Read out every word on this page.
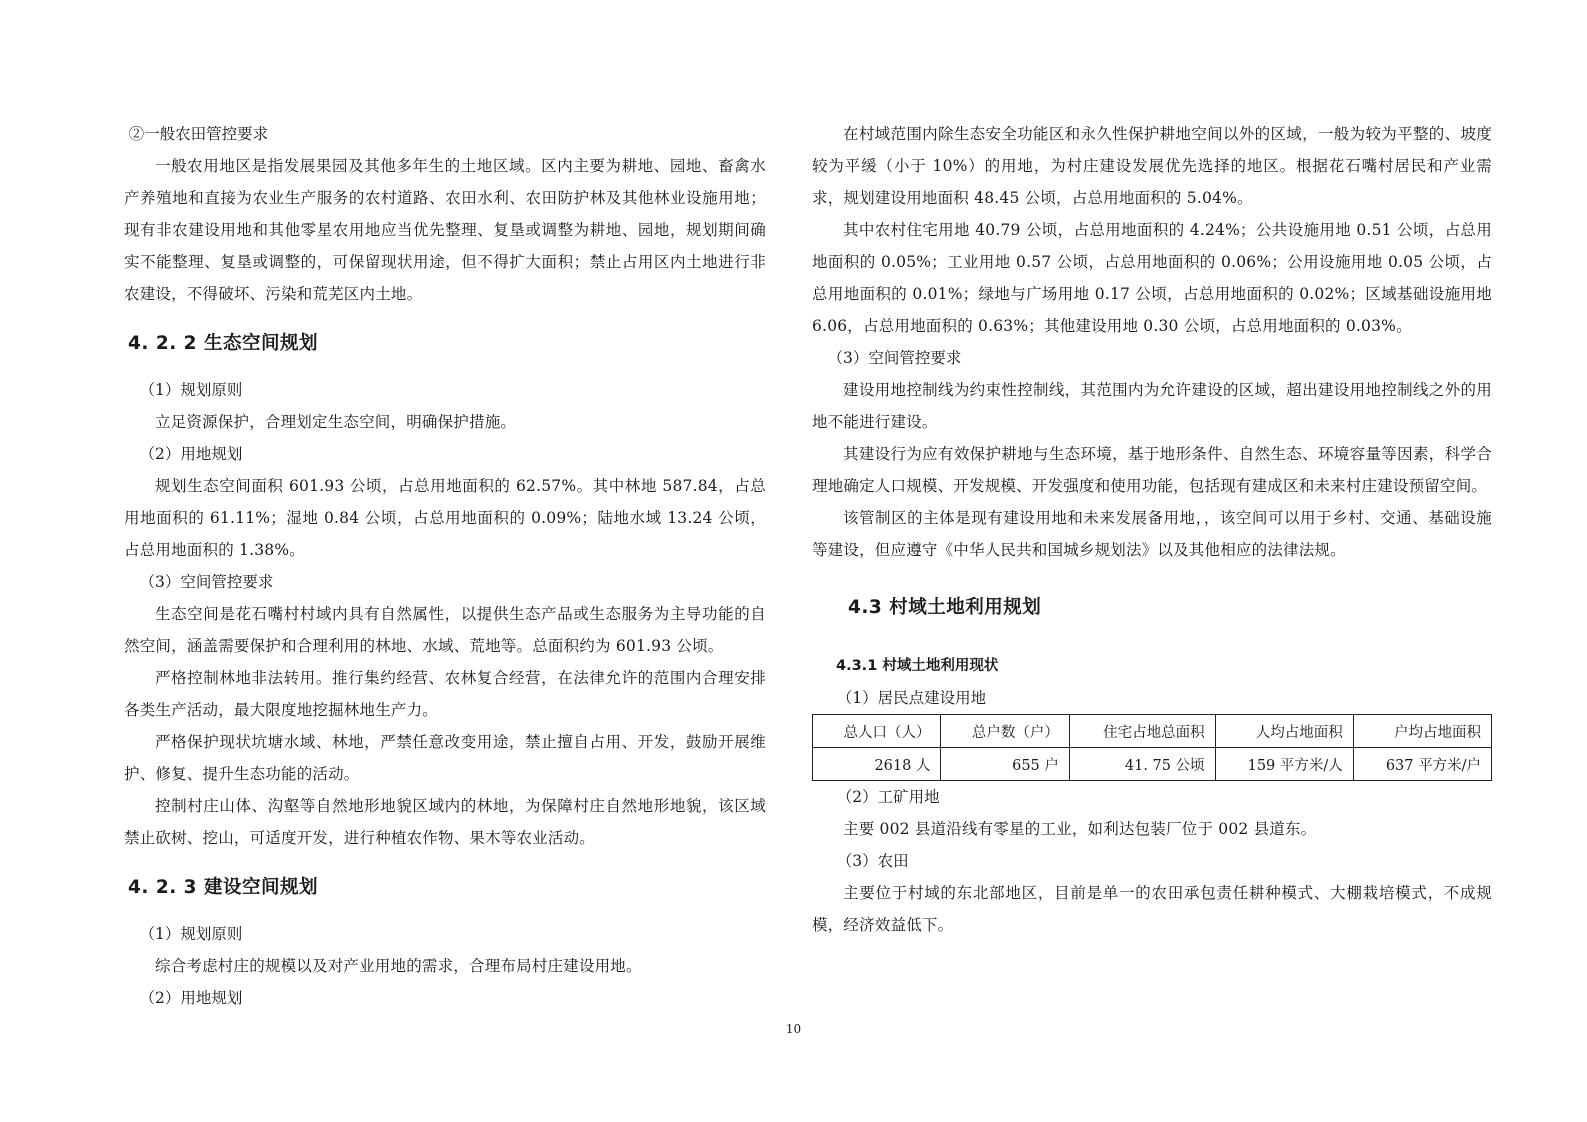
②一般农田管控要求

一般农用地区是指发展果园及其他多年生的土地区域。区内主要为耕地、园地、畜禽水产养殖地和直接为农业生产服务的农村道路、农田水利、农田防护林及其他林业设施用地；现有非农建设用地和其他零星农用地应当优先整理、复垦或调整为耕地、园地，规划期间确实不能整理、复垦或调整的，可保留现状用途，但不得扩大面积；禁止占用区内土地进行非农建设，不得破坏、污染和荒芜区内土地。

4. 2. 2 生态空间规划

（1）规划原则

立足资源保护，合理划定生态空间，明确保护措施。

（2）用地规划

规划生态空间面积 601.93 公顷，占总用地面积的 62.57%。其中林地 587.84，占总用地面积的 61.11%；湿地 0.84 公顷，占总用地面积的 0.09%；陆地水域 13.24 公顷，占总用地面积的 1.38%。

（3）空间管控要求

生态空间是花石嘴村村域内具有自然属性，以提供生态产品或生态服务为主导功能的自然空间，涵盖需要保护和合理利用的林地、水域、荒地等。总面积约为 601.93 公顷。

严格控制林地非法转用。推行集约经营、农林复合经营，在法律允许的范围内合理安排各类生产活动，最大限度地挖掘林地生产力。

严格保护现状坑塘水域、林地，严禁任意改变用途，禁止擅自占用、开发，鼓励开展维护、修复、提升生态功能的活动。

控制村庄山体、沟壑等自然地形地貌区域内的林地，为保障村庄自然地形地貌，该区域禁止砍树、挖山，可适度开发，进行种植农作物、果木等农业活动。

4. 2. 3 建设空间规划

（1）规划原则

综合考虑村庄的规模以及对产业用地的需求，合理布局村庄建设用地。

（2）用地规划

在村域范围内除生态安全功能区和永久性保护耕地空间以外的区域，一般为较为平整的、坡度较为平缓（小于 10%）的用地，为村庄建设发展优先选择的地区。根据花石嘴村居民和产业需求，规划建设用地面积 48.45 公顷，占总用地面积的 5.04%。

其中农村住宅用地 40.79 公顷，占总用地面积的 4.24%；公共设施用地 0.51 公顷，占总用地面积的 0.05%；工业用地 0.57 公顷，占总用地面积的 0.06%；公用设施用地 0.05 公顷，占总用地面积的 0.01%；绿地与广场用地 0.17 公顷，占总用地面积的 0.02%；区域基础设施用地 6.06，占总用地面积的 0.63%；其他建设用地 0.30 公顷，占总用地面积的 0.03%。

（3）空间管控要求

建设用地控制线为约束性控制线，其范围内为允许建设的区域，超出建设用地控制线之外的用地不能进行建设。

其建设行为应有效保护耕地与生态环境，基于地形条件、自然生态、环境容量等因素，科学合理地确定人口规模、开发规模、开发强度和使用功能，包括现有建成区和未来村庄建设预留空间。

该管制区的主体是现有建设用地和未来发展备用地，，该空间可以用于乡村、交通、基础设施等建设，但应遵守《中华人民共和国城乡规划法》以及其他相应的法律法规。

4.3 村域土地利用规划
4.3.1 村域土地利用现状

（1）居民点建设用地

总人口（人）	总户数（户）	住宅占地总面积	人均占地面积	户均占地面积
2618 人	655 户	41. 75 公顷	159 平方米/人	637 平方米/户

（2）工矿用地

主要 002 县道沿线有零星的工业，如利达包装厂位于 002 县道东。

（3）农田

主要位于村域的东北部地区，目前是单一的农田承包责任耕种模式、大棚栽培模式，不成规模，经济效益低下。

10
